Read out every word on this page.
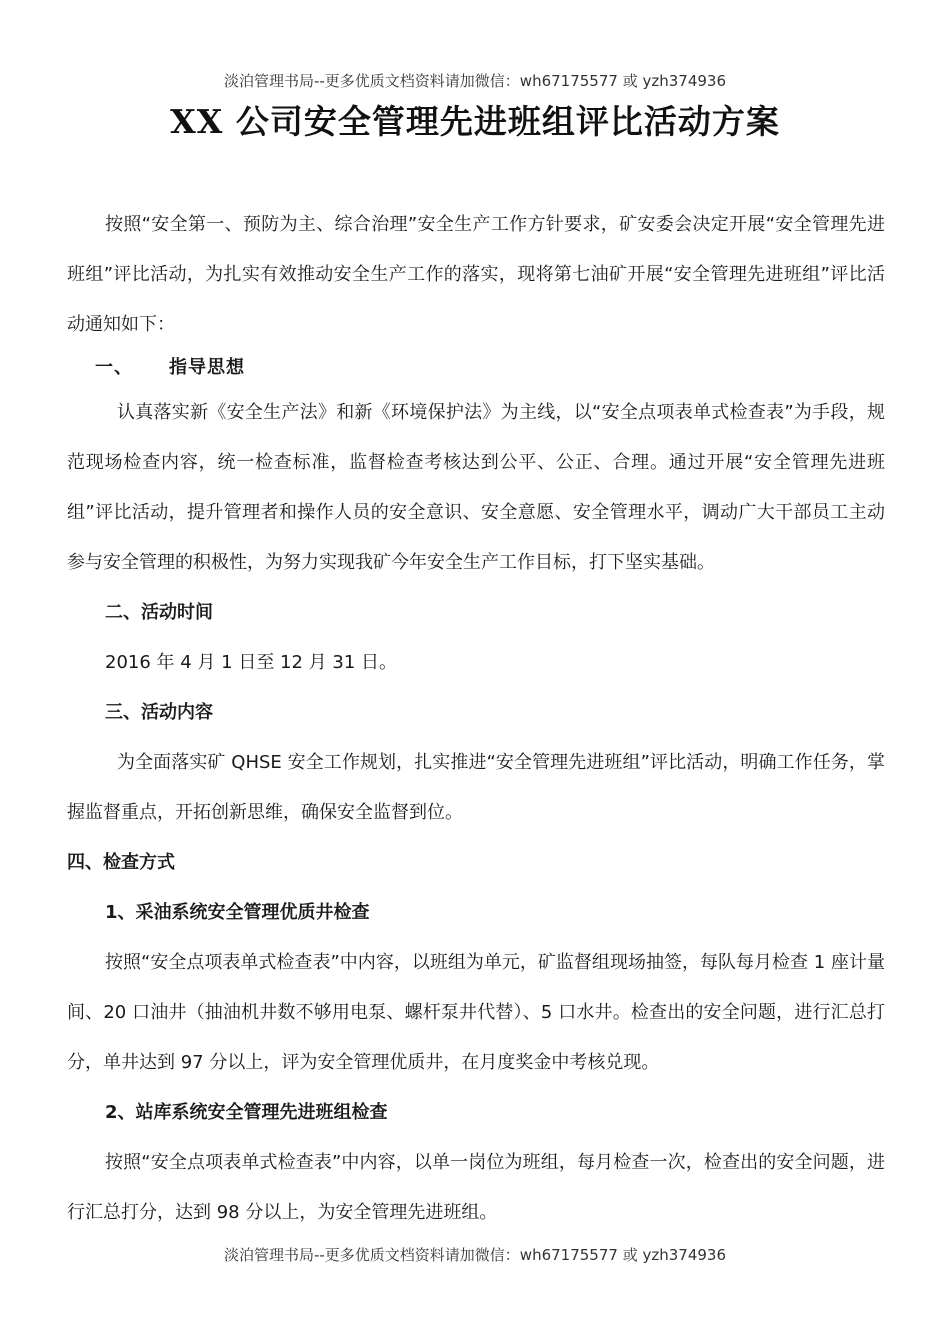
淡泊管理书局--更多优质文档资料请加微信：wh67175577 或 yzh374936
XX 公司安全管理先进班组评比活动方案

按照“安全第一、预防为主、综合治理”安全生产工作方针要求，矿安委会决定开展“安全管理先进班组”评比活动，为扎实有效推动安全生产工作的落实，现将第七油矿开展“安全管理先进班组”评比活动通知如下：

一、 指导思想

认真落实新《安全生产法》和新《环境保护法》为主线，以“安全点项表单式检查表”为手段，规范现场检查内容，统一检查标准，监督检查考核达到公平、公正、合理。通过开展“安全管理先进班组”评比活动，提升管理者和操作人员的安全意识、安全意愿、安全管理水平，调动广大干部员工主动参与安全管理的积极性，为努力实现我矿今年安全生产工作目标，打下坚实基础。

二、活动时间

2016 年 4 月 1 日至 12 月 31 日。

三、活动内容

为全面落实矿 QHSE 安全工作规划，扎实推进“安全管理先进班组”评比活动，明确工作任务，掌握监督重点，开拓创新思维，确保安全监督到位。

四、检查方式
1、采油系统安全管理优质井检查

按照“安全点项表单式检查表”中内容，以班组为单元，矿监督组现场抽签，每队每月检查 1 座计量间、20 口油井（抽油机井数不够用电泵、螺杆泵井代替）、5 口水井。检查出的安全问题，进行汇总打分，单井达到 97 分以上，评为安全管理优质井，在月度奖金中考核兑现。

2、站库系统安全管理先进班组检查

按照“安全点项表单式检查表”中内容，以单一岗位为班组，每月检查一次，检查出的安全问题，进行汇总打分，达到 98 分以上，为安全管理先进班组。

淡泊管理书局--更多优质文档资料请加微信：wh67175577 或 yzh374936
